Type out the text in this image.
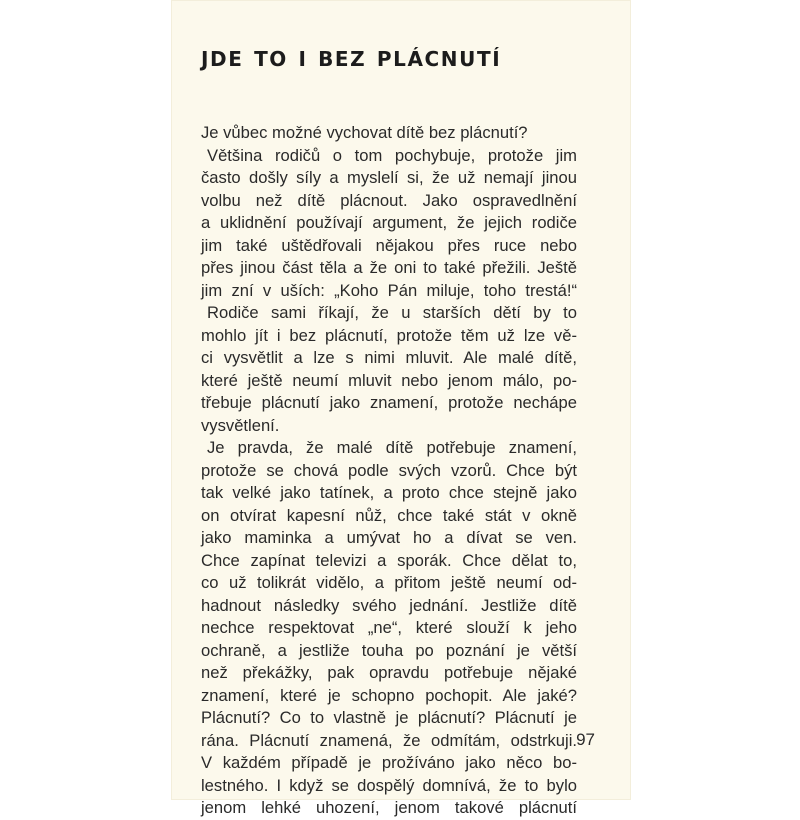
JDE TO I BEZ PLÁCNUTÍ
Je vůbec možné vychovat dítě bez plácnutí?
Většina rodičů o tom pochybuje, protože jim
často došly síly a myslelí si, že už nemají jinou
volbu než dítě plácnout. Jako ospravedlnění
a uklidnění používají argument, že jejich rodiče
jim také uštědřovali nějakou přes ruce nebo
přes jinou část těla a že oni to také přežili. Ještě
jim zní v uších: „Koho Pán miluje, toho trestá!“
Rodiče sami říkají, že u starších dětí by to
mohlo jít i bez plácnutí, protože těm už lze vě-
ci vysvětlit a lze s nimi mluvit. Ale malé dítě,
které ještě neumí mluvit nebo jenom málo, po-
třebuje plácnutí jako znamení, protože nechápe
vysvětlení.
Je pravda, že malé dítě potřebuje znamení,
protože se chová podle svých vzorů. Chce být
tak velké jako tatínek, a proto chce stejně jako
on otvírat kapesní nůž, chce také stát v okně
jako maminka a umývat ho a dívat se ven.
Chce zapínat televizi a sporák. Chce dělat to,
co už tolikrát vidělo, a přitom ještě neumí od-
hadnout následky svého jednání. Jestliže dítě
nechce respektovat „ne“, které slouží k jeho
ochraně, a jestliže touha po poznání je větší
než překážky, pak opravdu potřebuje nějaké
znamení, které je schopno pochopit. Ale jaké?
Plácnutí? Co to vlastně je plácnutí? Plácnutí je
rána. Plácnutí znamená, že odmítám, odstrkuji.
V každém případě je prožíváno jako něco bo-
lestného. I když se dospělý domnívá, že to bylo
jenom lehké uhození, jenom takové plácnutí
97
